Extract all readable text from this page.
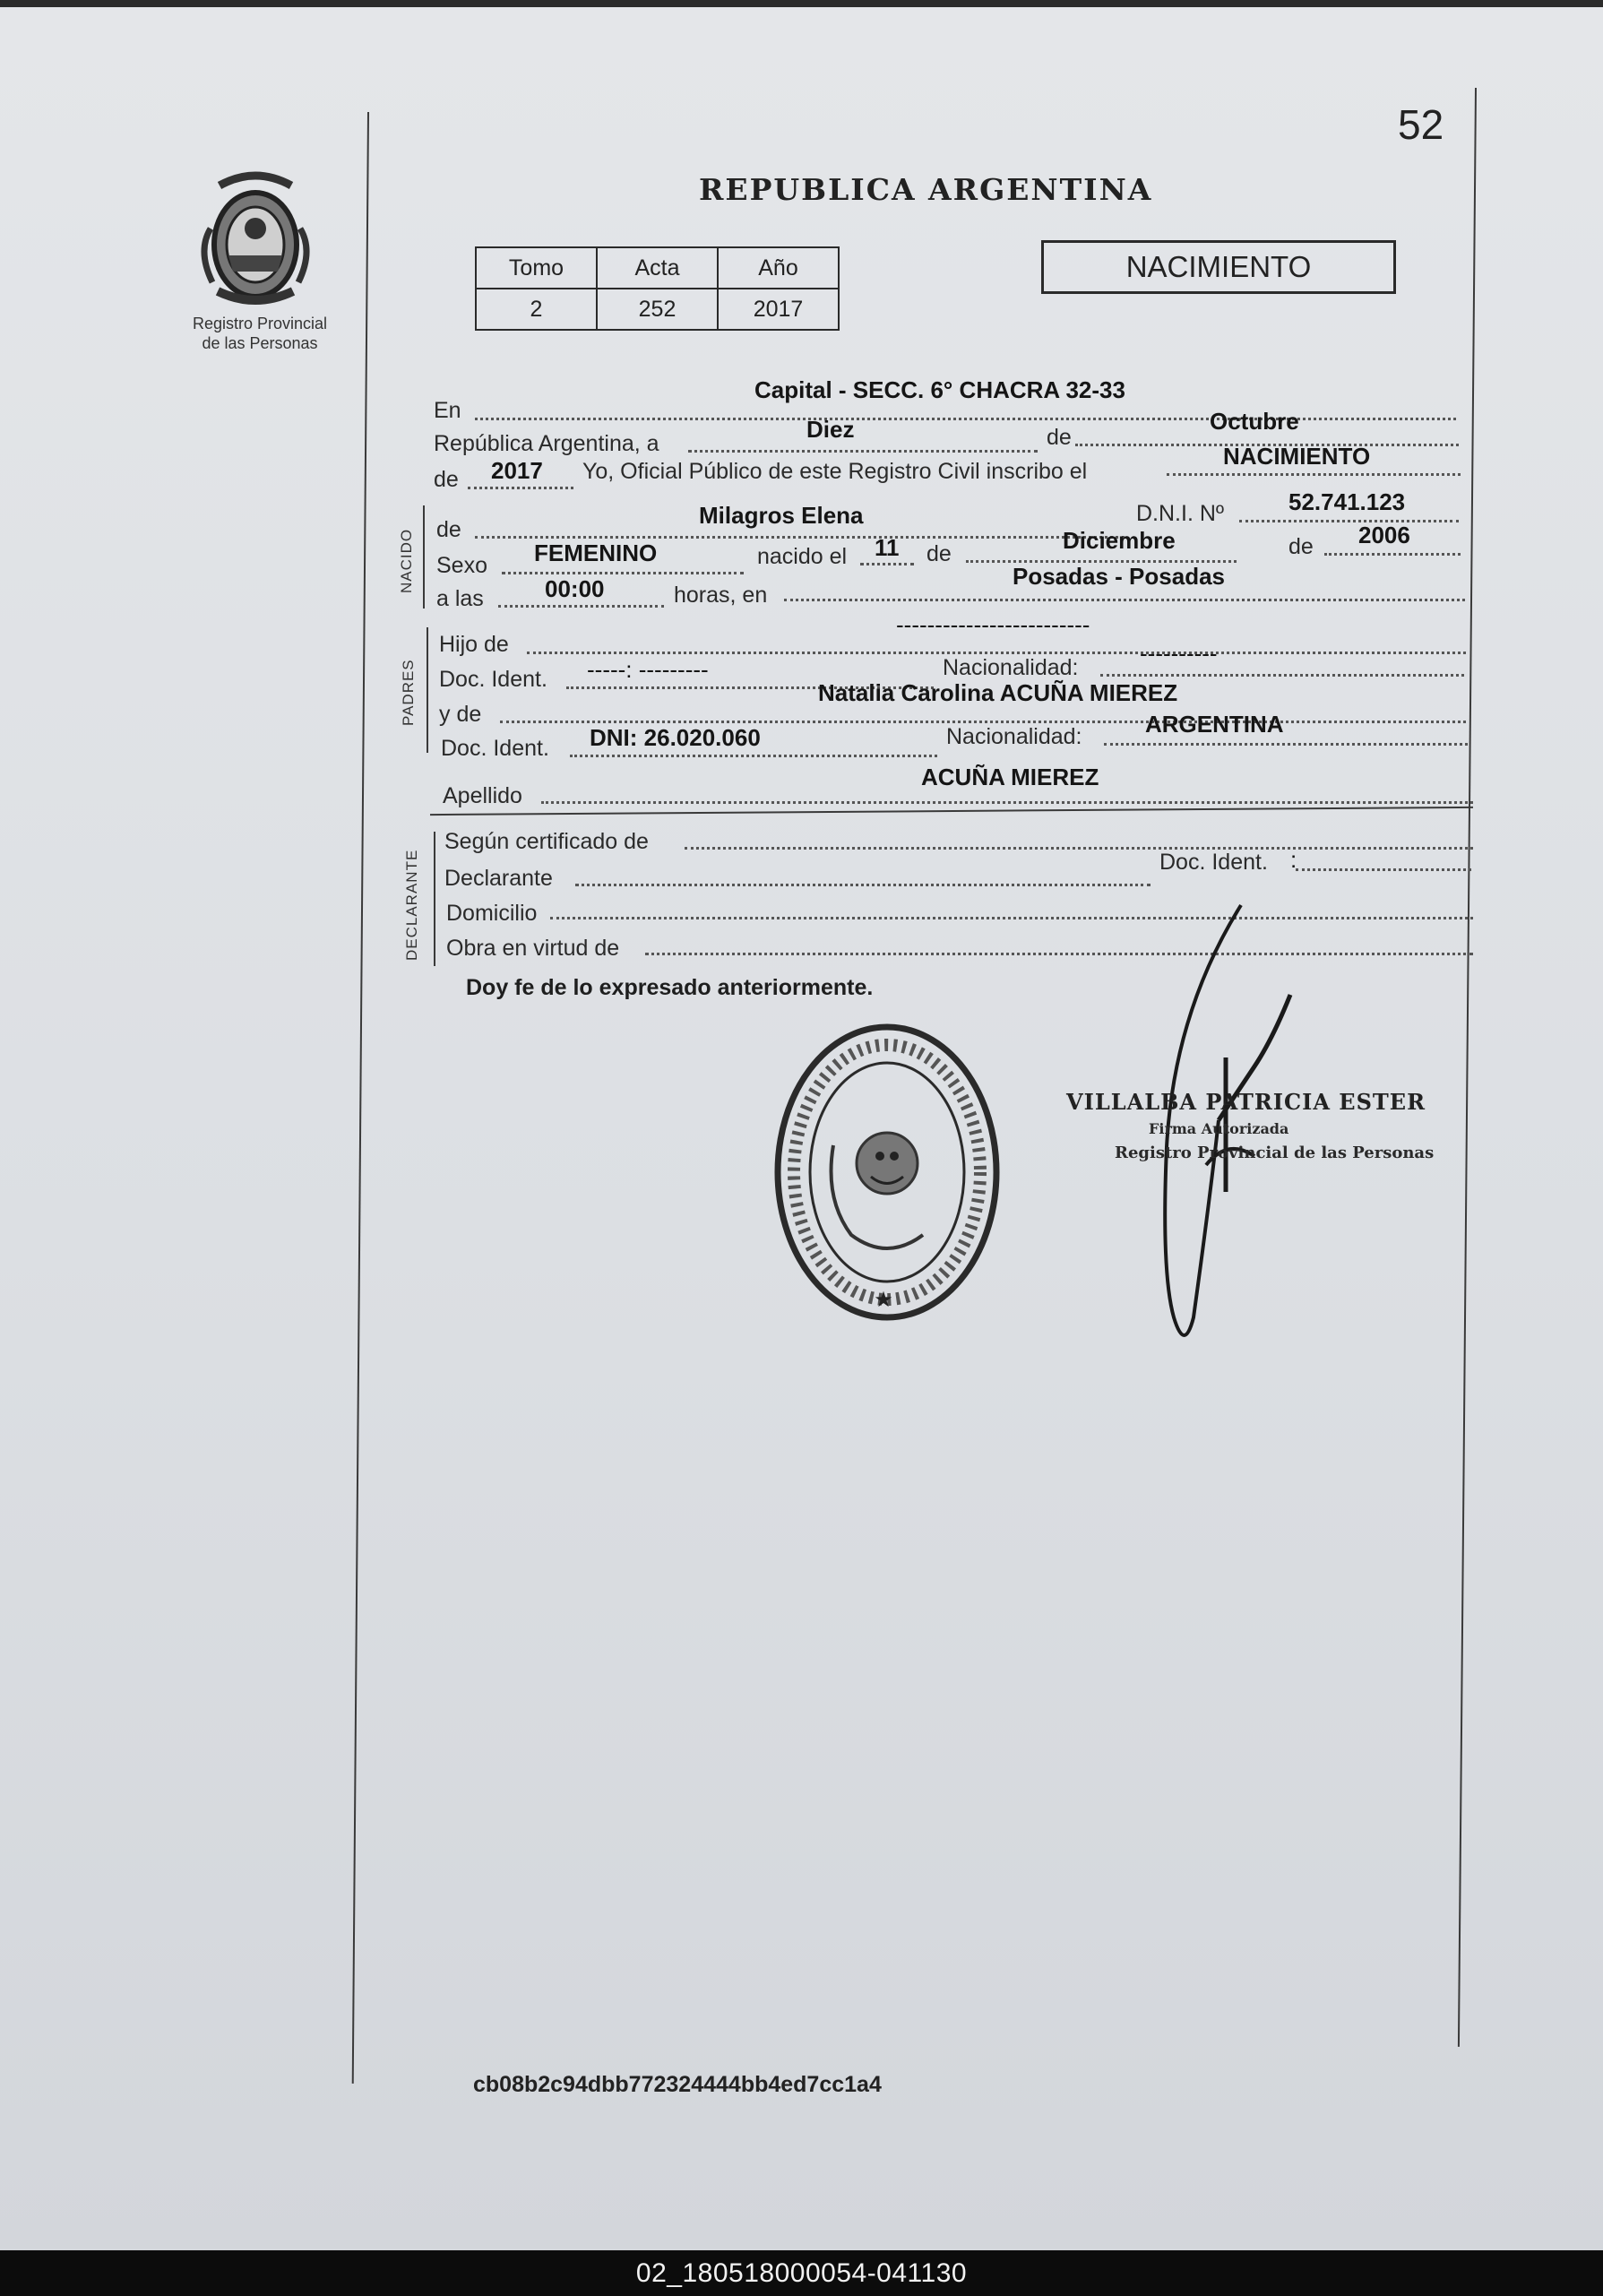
52
Registro Provincial
de las Personas
REPUBLICA ARGENTINA
Tomo	Acta	Año
2	252	2017
NACIMIENTO
En
Capital - SECC. 6° CHACRA 32-33
República Argentina, a
Diez	de
Octubre
de 2017 Yo, Oficial Público de este Registro Civil inscribo el
NACIMIENTO
NACIDO de
Milagros Elena	D.N.I. Nº	52.741.123
Sexo FEMENINO	nacido el 11 de	Diciembre	de 2006
a las	00:00	horas, en
Posadas - Posadas
PADRES
Hijo de
-------------------------
Doc. Ident. -----: ---------	Nacionalidad:
----------
y de
Natalia Carolina ACUÑA MIEREZ
Doc. Ident. DNI: 26.020.060	Nacionalidad:	ARGENTINA
Apellido
ACUÑA MIEREZ
DECLARANTE
Según certificado de
Declarante
Doc. Ident. :
Domicilio
Obra en virtud de
Doy fe de lo expresado anteriormente.
★
VILLALBA PATRICIA ESTER
Firma Autorizada
Registro Provincial de las Personas
cb08b2c94dbb772324444bb4ed7cc1a4
02_180518000054-041130
